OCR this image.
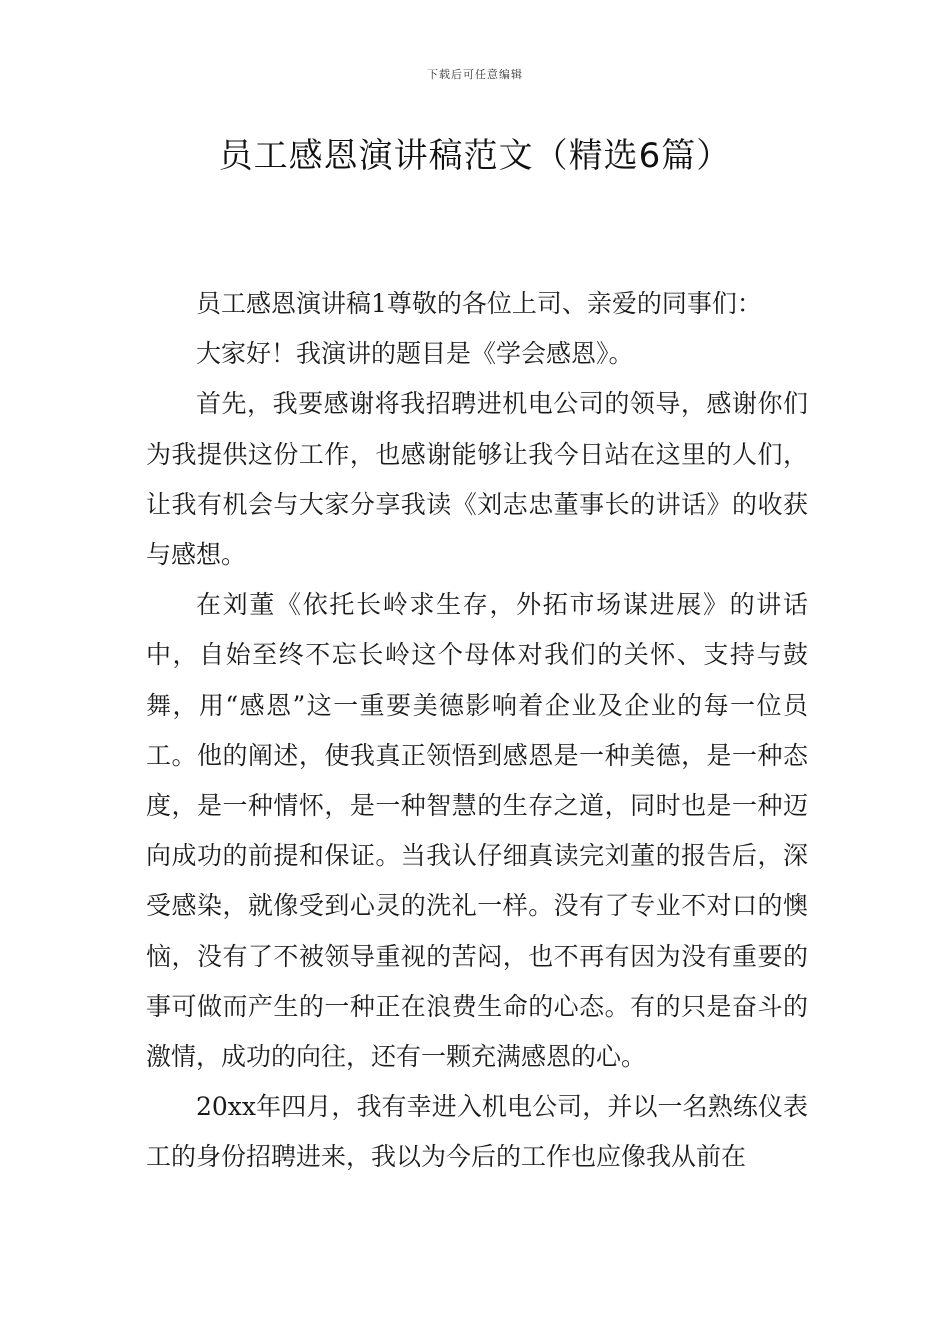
下载后可任意编辑
员工感恩演讲稿范文（精选6篇）

员工感恩演讲稿1尊敬的各位上司、亲爱的同事们：

大家好！我演讲的题目是《学会感恩》。

首先，我要感谢将我招聘进机电公司的领导，感谢你们为我提供这份工作，也感谢能够让我今日站在这里的人们，让我有机会与大家分享我读《刘志忠董事长的讲话》的收获与感想。

在刘董《依托长岭求生存，外拓市场谋进展》的讲话中，自始至终不忘长岭这个母体对我们的关怀、支持与鼓舞，用“感恩”这一重要美德影响着企业及企业的每一位员工。他的阐述，使我真正领悟到感恩是一种美德，是一种态度，是一种情怀，是一种智慧的生存之道，同时也是一种迈向成功的前提和保证。当我认仔细真读完刘董的报告后，深受感染，就像受到心灵的洗礼一样。没有了专业不对口的懊恼，没有了不被领导重视的苦闷，也不再有因为没有重要的事可做而产生的一种正在浪费生命的心态。有的只是奋斗的激情，成功的向往，还有一颗充满感恩的心。

20xx年四月，我有幸进入机电公司，并以一名熟练仪表工的身份招聘进来，我以为今后的工作也应像我从前在
